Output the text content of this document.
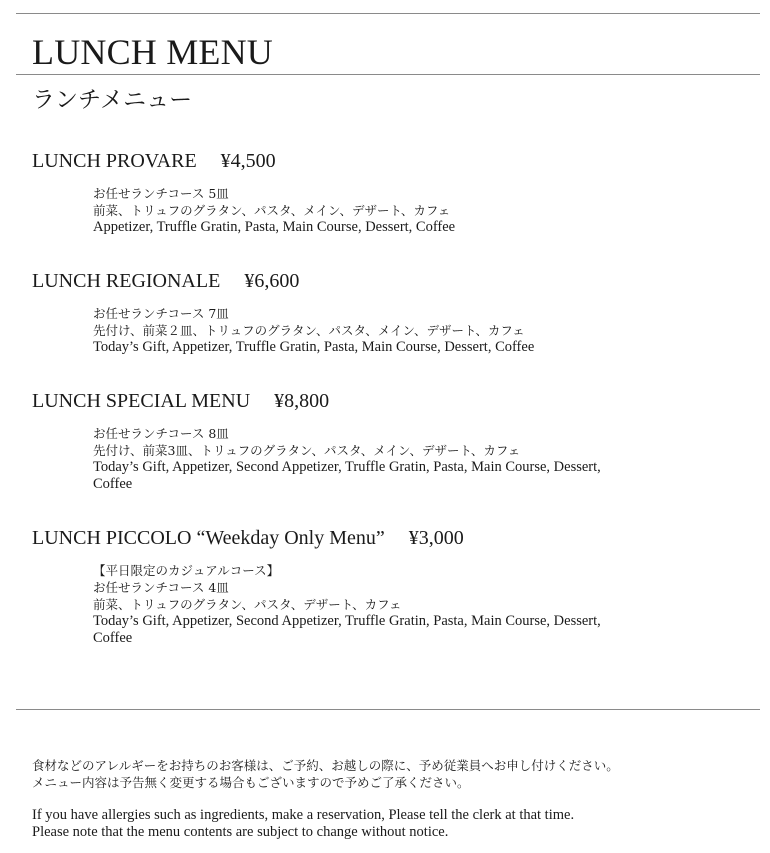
LUNCH MENU
ランチメニュー
LUNCH PROVARE ¥4,500
お任せランチコース 5皿
前菜、トリュフのグラタン、パスタ、メイン、デザート、カフェ
Appetizer, Truffle Gratin, Pasta, Main Course, Dessert, Coffee
LUNCH REGIONALE ¥6,600
お任せランチコース 7皿
先付け、前菜２皿、トリュフのグラタン、パスタ、メイン、デザート、カフェ
Today’s Gift, Appetizer, Truffle Gratin, Pasta, Main Course, Dessert, Coffee
LUNCH SPECIAL MENU ¥8,800
お任せランチコース 8皿
先付け、前菜3皿、トリュフのグラタン、パスタ、メイン、デザート、カフェ
Today’s Gift, Appetizer, Second Appetizer, Truffle Gratin, Pasta, Main Course, Dessert, Coffee
LUNCH PICCOLO “Weekday Only Menu” ¥3,000
【平日限定のカジュアルコース】
お任せランチコース 4皿
前菜、トリュフのグラタン、パスタ、デザート、カフェ
Today’s Gift, Appetizer, Second Appetizer, Truffle Gratin, Pasta, Main Course, Dessert, Coffee
食材などのアレルギーをお持ちのお客様は、ご予約、お越しの際に、予め従業員へお申し付けください。
メニュー内容は予告無く変更する場合もございますので予めご了承ください。
If you have allergies such as ingredients, make a reservation, Please tell the clerk at that time.
Please note that the menu contents are subject to change without notice.
